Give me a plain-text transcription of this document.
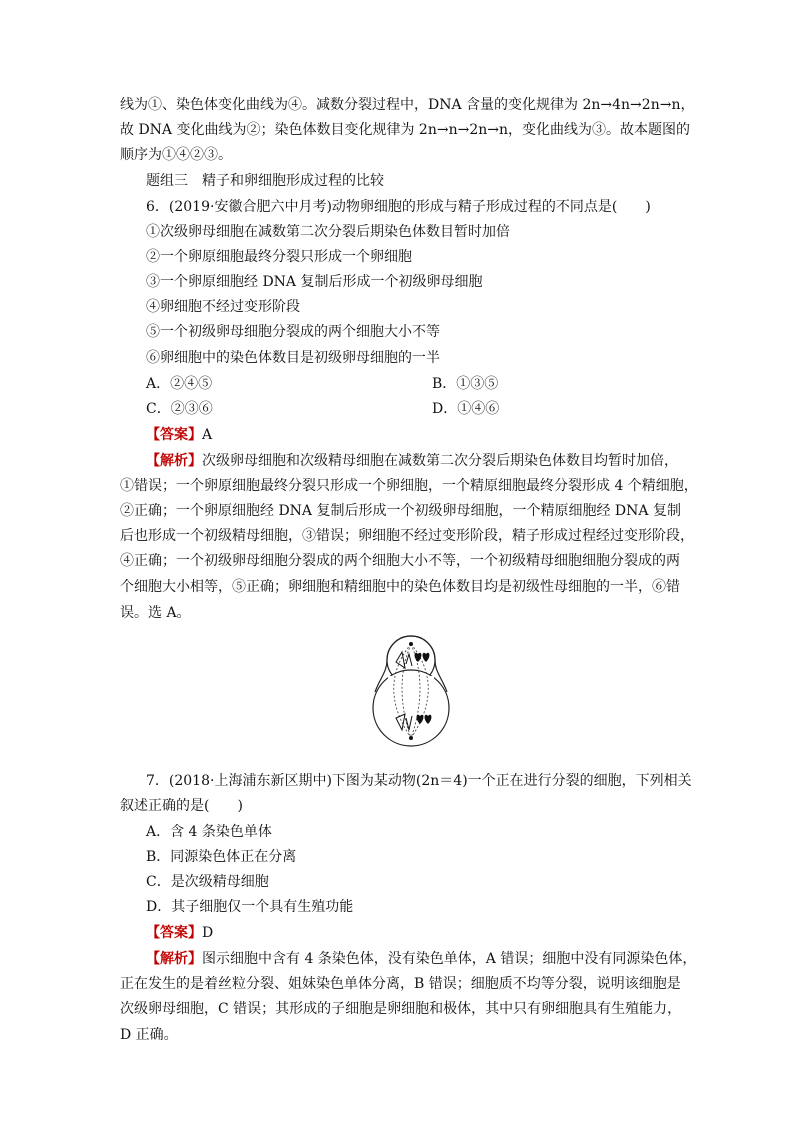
线为①、染色体变化曲线为④。减数分裂过程中，DNA 含量的变化规律为 2n→4n→2n→n，
故 DNA 变化曲线为②；染色体数目变化规律为 2n→n→2n→n，变化曲线为③。故本题图的
顺序为①④②③。
题组三　精子和卵细胞形成过程的比较
6．(2019·安徽合肥六中月考)动物卵细胞的形成与精子形成过程的不同点是(　　)
①次级卵母细胞在减数第二次分裂后期染色体数目暂时加倍
②一个卵原细胞最终分裂只形成一个卵细胞
③一个卵原细胞经 DNA 复制后形成一个初级卵母细胞
④卵细胞不经过变形阶段
⑤一个初级卵母细胞分裂成的两个细胞大小不等
⑥卵细胞中的染色体数目是初级卵母细胞的一半
A．②④⑤	B．①③⑤
C．②③⑥	D．①④⑥
【答案】A
【解析】次级卵母细胞和次级精母细胞在减数第二次分裂后期染色体数目均暂时加倍，
①错误；一个卵原细胞最终分裂只形成一个卵细胞，一个精原细胞最终分裂形成 4 个精细胞，
②正确；一个卵原细胞经 DNA 复制后形成一个初级卵母细胞，一个精原细胞经 DNA 复制
后也形成一个初级精母细胞，③错误；卵细胞不经过变形阶段，精子形成过程经过变形阶段，
④正确；一个初级卵母细胞分裂成的两个细胞大小不等，一个初级精母细胞细胞分裂成的两
个细胞大小相等，⑤正确；卵细胞和精细胞中的染色体数目均是初级性母细胞的一半，⑥错
误。选 A。
7．(2018·上海浦东新区期中)下图为某动物(2n＝4)一个正在进行分裂的细胞，下列相关
叙述正确的是(　　)
A．含 4 条染色单体
B．同源染色体正在分离
C．是次级精母细胞
D．其子细胞仅一个具有生殖功能
【答案】D
【解析】图示细胞中含有 4 条染色体，没有染色单体，A 错误；细胞中没有同源染色体，
正在发生的是着丝粒分裂、姐妹染色单体分离，B 错误；细胞质不均等分裂，说明该细胞是
次级卵母细胞，C 错误；其形成的子细胞是卵细胞和极体，其中只有卵细胞具有生殖能力，
D 正确。
